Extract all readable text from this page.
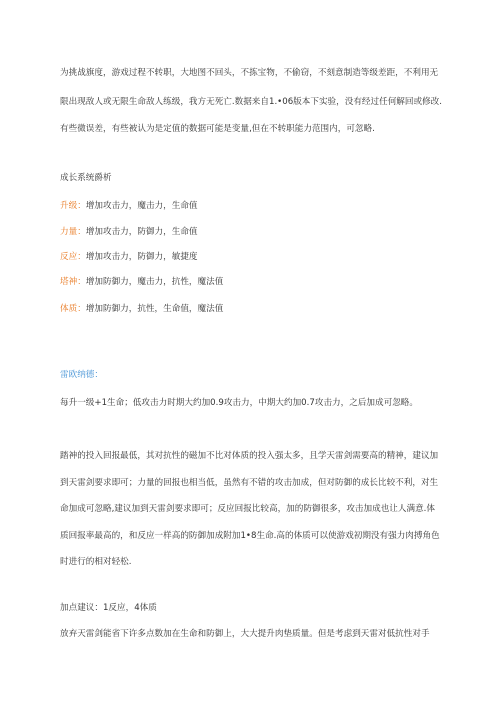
为挑战旗度，游戏过程不转职，大地图不回头，不拣宝物，不偷窃，不刻意制造等级差距，不利用无
限出现敌人或无限生命敌人练级，我方无死亡.数据来自1.•06版本下实验，没有经过任何解回或修改.
有些微误差，有些被认为是定值的数据可能是变量,但在不转职能力范围内，可忽略.
成长系统爵析
升级：增加攻击力，魔击力，生命值
力量：增加攻击力，防御力，生命值
反应：增加攻击力，防御力，敏捷度
塔神：增加防御力，魔击力，抗性，魔法值
体质：增加防御力，抗性，生命值，魔法值
雷欧纳德：
每升一级+1生命；低攻击力时期大约加0.9攻击力，中期大约加0.7攻击力，之后加成可忽略。
踏神的投入回报最低，其对抗性的磁加不比对体质的投入强太多，且学天雷剑需要高的精神，建议加
到天雷剑要求即可；力量的回报也相当低，虽然有不错的攻击加成，但对防御的成长比较不利，对生
命加成可忽略,建议加到天雷剑要求即可；反应回报比较高，加的防御很多，攻击加成也让人满意.体
质回报率最高的，和反应一样高的防御加成附加1•8生命.高的体质可以使游戏初期没有强力肉搏角色
时进行的相对轻松.
加点建议：1反应，4体质
放弃天雷剑能省下许多点数加在生命和防御上，大大提升肉垫质量。但是考虑到天雷对低抗性对手
